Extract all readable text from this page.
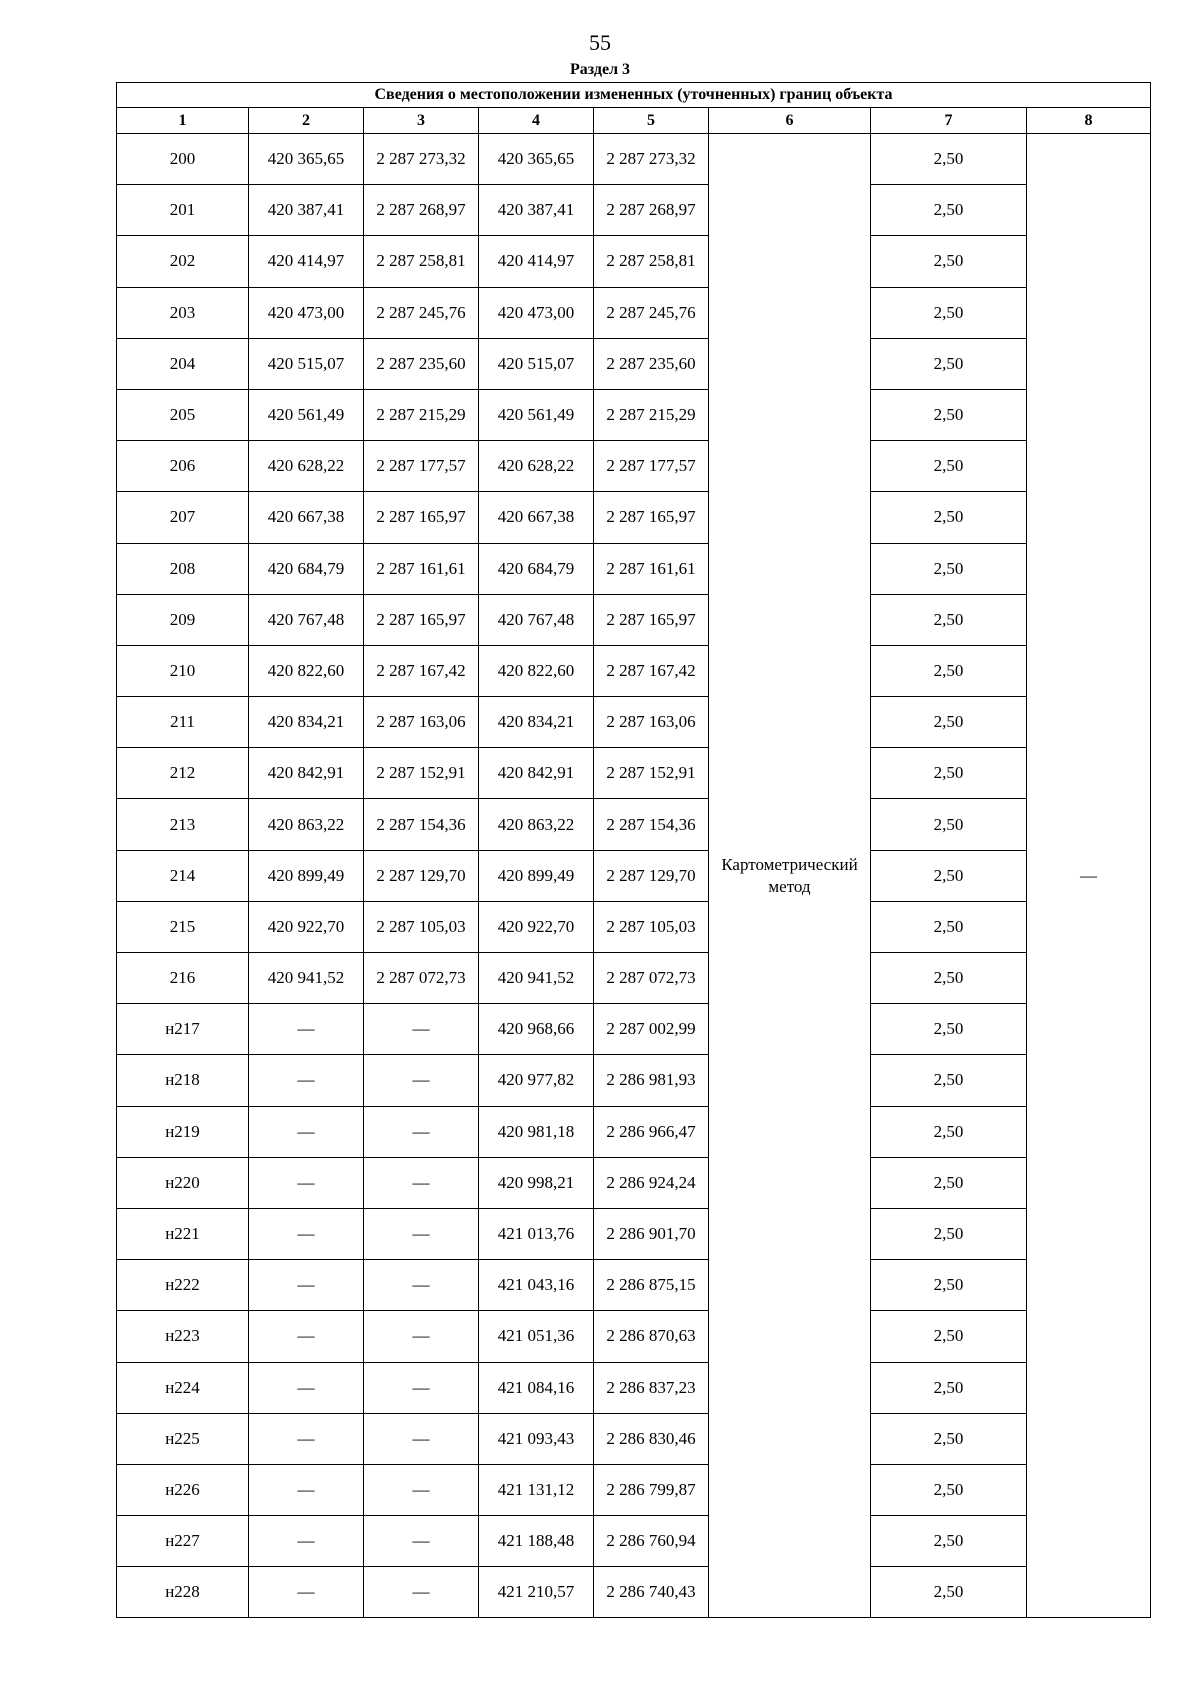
55
Раздел 3
Сведения о местоположении измененных (уточненных) границ объекта							
1	2	3	4	5	6	7	8
200	420 365,65	2 287 273,32	420 365,65	2 287 273,32	Картометрический метод	2,50	—
201	420 387,41	2 287 268,97	420 387,41	2 287 268,97		2,50	
202	420 414,97	2 287 258,81	420 414,97	2 287 258,81		2,50	
203	420 473,00	2 287 245,76	420 473,00	2 287 245,76		2,50	
204	420 515,07	2 287 235,60	420 515,07	2 287 235,60		2,50	
205	420 561,49	2 287 215,29	420 561,49	2 287 215,29		2,50	
206	420 628,22	2 287 177,57	420 628,22	2 287 177,57		2,50	
207	420 667,38	2 287 165,97	420 667,38	2 287 165,97		2,50	
208	420 684,79	2 287 161,61	420 684,79	2 287 161,61		2,50	
209	420 767,48	2 287 165,97	420 767,48	2 287 165,97		2,50	
210	420 822,60	2 287 167,42	420 822,60	2 287 167,42		2,50	
211	420 834,21	2 287 163,06	420 834,21	2 287 163,06		2,50	
212	420 842,91	2 287 152,91	420 842,91	2 287 152,91		2,50	
213	420 863,22	2 287 154,36	420 863,22	2 287 154,36		2,50	
214	420 899,49	2 287 129,70	420 899,49	2 287 129,70		2,50	
215	420 922,70	2 287 105,03	420 922,70	2 287 105,03		2,50	
216	420 941,52	2 287 072,73	420 941,52	2 287 072,73		2,50	
н217	—	—	420 968,66	2 287 002,99		2,50	
н218	—	—	420 977,82	2 286 981,93		2,50	
н219	—	—	420 981,18	2 286 966,47		2,50	
н220	—	—	420 998,21	2 286 924,24		2,50	
н221	—	—	421 013,76	2 286 901,70		2,50	
н222	—	—	421 043,16	2 286 875,15		2,50	
н223	—	—	421 051,36	2 286 870,63		2,50	
н224	—	—	421 084,16	2 286 837,23		2,50	
н225	—	—	421 093,43	2 286 830,46		2,50	
н226	—	—	421 131,12	2 286 799,87		2,50	
н227	—	—	421 188,48	2 286 760,94		2,50	
н228	—	—	421 210,57	2 286 740,43		2,50	
